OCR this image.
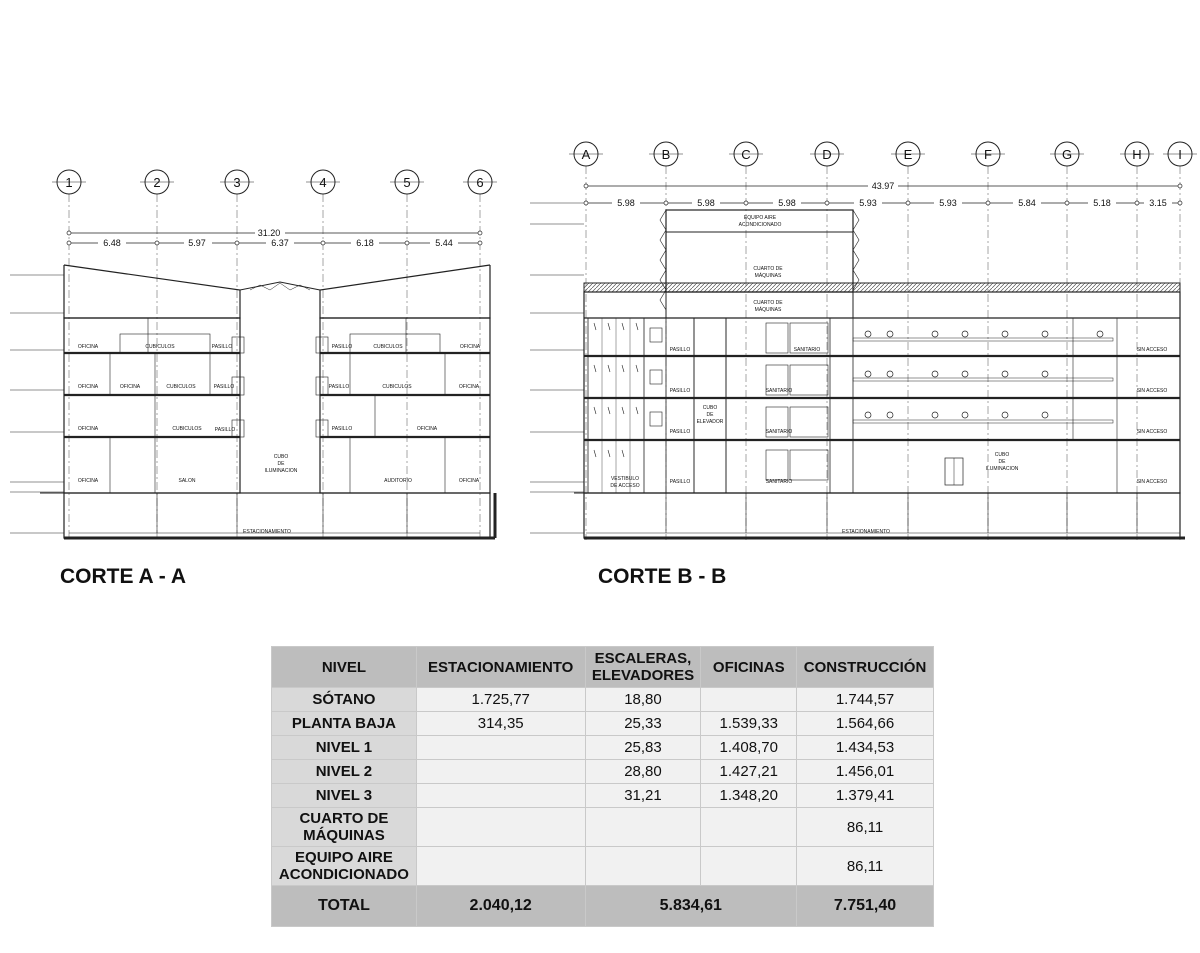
1	2	3	4	5	6
31.20
6.48	5.97	6.37	6.18	5.44
OFICINA	CUBICULOS	PASILLO	PASILLO	CUBICULOS	OFICINA
OFICINA	OFICINA	CUBICULOS	PASILLO	PASILLO	CUBICULOS	OFICINA
OFICINA	CUBICULOS	PASILLO	PASILLO	OFICINA
CUBO
DE
ILUMINACION
OFICINA	SALON	AUDITORIO	OFICINA
ESTACIONAMIENTO
A	B	C	D	E	F	G	H	I
43.97
5.98	5.98	5.98	5.93	5.93	5.84	5.18	3.15
EQUIPO AIRE
ACONDICIONADO
CUARTO DE
MÁQUINAS
CUARTO DE
MÁQUINAS
PASILLO
PASILLO
PASILLO
PASILLO
CUBO
DE
ELEVADOR
SANITARIO
SANITARIO
SANITARIO
SANITARIO
SIN ACCESO
SIN ACCESO
SIN ACCESO
SIN ACCESO
CUBO
DE
ILUMINACION
VESTIBULO
DE ACCESO
ESTACIONAMIENTO
CORTE A - A	CORTE B - B
NIVEL	ESTACIONAMIENTO	ESCALERAS,
ELEVADORES	OFICINAS	CONSTRUCCIÓN
SÓTANO	1.725,77	18,80		1.744,57
PLANTA BAJA	314,35	25,33	1.539,33	1.564,66
NIVEL 1		25,83	1.408,70	1.434,53
NIVEL 2		28,80	1.427,21	1.456,01
NIVEL 3		31,21	1.348,20	1.379,41
CUARTO DE
MÁQUINAS				86,11
EQUIPO AIRE
ACONDICIONADO				86,11
TOTAL	2.040,12	5.834,61		7.751,40
